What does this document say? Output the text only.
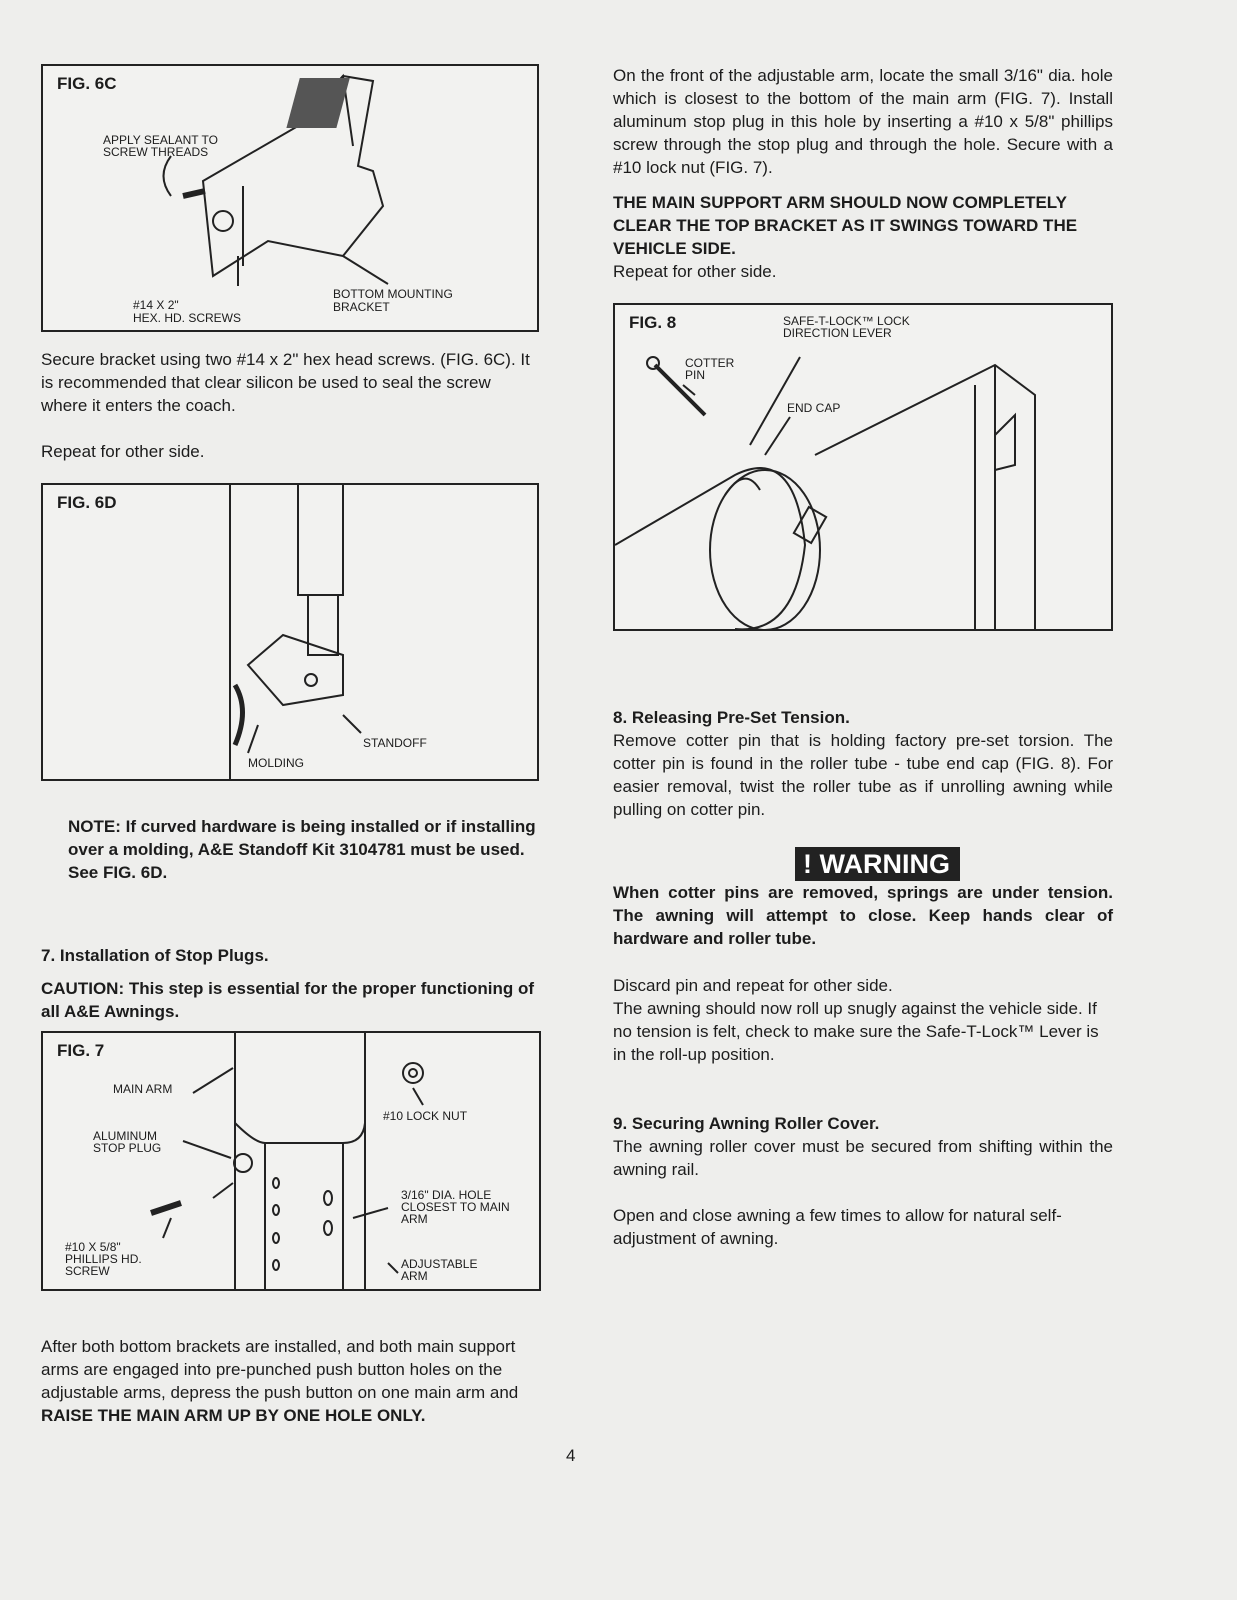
FIG. 6C
APPLY SEALANT TO SCREW THREADS
#14 X 2"
HEX. HD. SCREWS
BOTTOM MOUNTING
BRACKET
Secure bracket using two #14 x 2" hex head screws. (FIG. 6C). It is recommended that clear silicon be used to seal the screw where it enters the coach.
Repeat for other side.
FIG. 6D
STANDOFF
MOLDING
NOTE: If curved hardware is being installed or if installing over a molding, A&E Standoff Kit 3104781 must be used. See FIG. 6D.
7. Installation of Stop Plugs.
CAUTION: This step is essential for the proper functioning of all A&E Awnings.
FIG. 7
MAIN ARM
ALUMINUM STOP PLUG
#10 X 5/8" PHILLIPS HD. SCREW
#10 LOCK NUT
3/16" DIA. HOLE CLOSEST TO MAIN ARM
ADJUSTABLE ARM
After both bottom brackets are installed, and both main support arms are engaged into pre-punched push button holes on the adjustable arms, depress the push button on one main arm and RAISE THE MAIN ARM UP BY ONE HOLE ONLY.
On the front of the adjustable arm, locate the small 3/16" dia. hole which is closest to the bottom of the main arm (FIG. 7). Install aluminum stop plug in this hole by inserting a #10 x 5/8" phillips screw through the stop plug and through the hole. Secure with a #10 lock nut (FIG. 7).
THE MAIN SUPPORT ARM SHOULD NOW COMPLETELY CLEAR THE TOP BRACKET AS IT SWINGS TOWARD THE VEHICLE SIDE.
Repeat for other side.
FIG. 8	SAFE-T-LOCK™ LOCK DIRECTION LEVER
COTTER PIN
END CAP
8. Releasing Pre-Set Tension.
Remove cotter pin that is holding factory pre-set torsion. The cotter pin is found in the roller tube - tube end cap (FIG. 8). For easier removal, twist the roller tube as if unrolling awning while pulling on cotter pin.
! WARNING
When cotter pins are removed, springs are under tension. The awning will attempt to close. Keep hands clear of hardware and roller tube.
Discard pin and repeat for other side.
The awning should now roll up snugly against the vehicle side. If no tension is felt, check to make sure the Safe-T-Lock™ Lever is in the roll-up position.
9. Securing Awning Roller Cover.
The awning roller cover must be secured from shifting within the awning rail.
Open and close awning a few times to allow for natural self-adjustment of awning.
4
